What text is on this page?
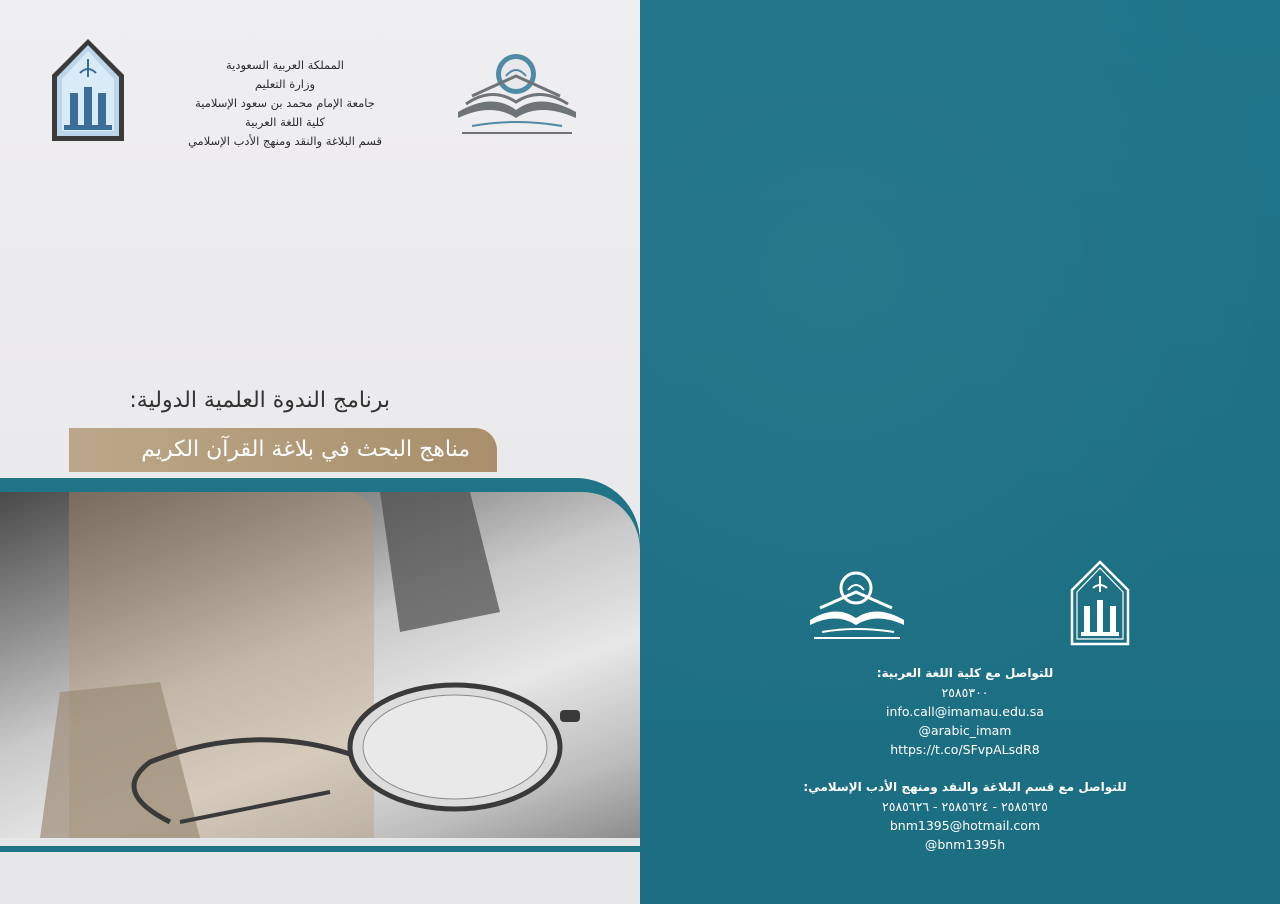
المملكة العربية السعودية
وزارة التعليم
جامعة الإمام محمد بن سعود الإسلامية
كلية اللغة العربية
قسم البلاغة والنقد ومنهج الأدب الإسلامي
برنامج الندوة العلمية الدولية:
مناهج البحث في بلاغة القرآن الكريم
للتواصل مع كلية اللغة العربية:
٢٥٨٥٣٠٠
info.call@imamau.edu.sa
@arabic_imam
https://t.co/SFvpALsdR8
للتواصل مع قسم البلاغة والنقد ومنهج الأدب الإسلامي:
٢٥٨٥٦٢٥ - ٢٥٨٥٦٢٤ - ٢٥٨٥٦٢٦
bnm1395@hotmail.com
@bnm1395h
